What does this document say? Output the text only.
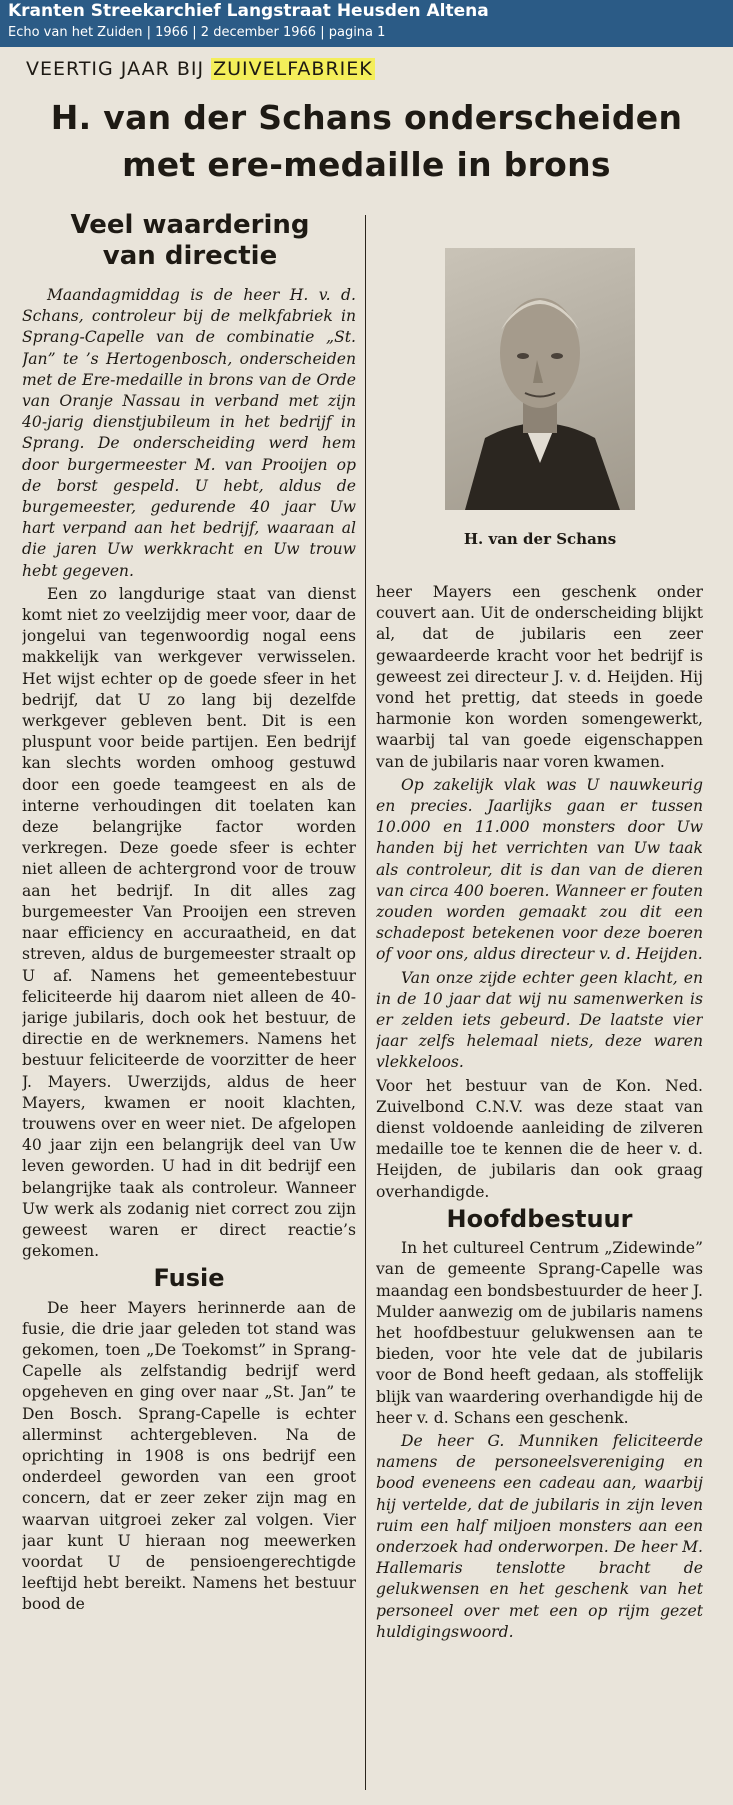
Kranten Streekarchief Langstraat Heusden Altena
Echo van het Zuiden | 1966 | 2 december 1966 | pagina 1
VEERTIG JAAR BIJ ZUIVELFABRIEK
H. van der Schans onderscheiden
met ere-medaille in brons
Veel waardering
van directie

Maandagmiddag is de heer H. v. d. Schans, controleur bij de melkfabriek in Sprang-Capelle van de combinatie „St. Jan” te ’s Hertogenbosch, onderscheiden met de Ere-medaille in brons van de Orde van Oranje Nassau in verband met zijn 40-jarig dienstjubileum in het bedrijf in Sprang. De onderscheiding werd hem door burgermeester M. van Prooijen op de borst gespeld. U hebt, aldus de burgemeester, gedurende 40 jaar Uw hart verpand aan het bedrijf, waaraan al die jaren Uw werkkracht en Uw trouw hebt gegeven.

Een zo langdurige staat van dienst komt niet zo veelzijdig meer voor, daar de jongelui van tegenwoordig nogal eens makkelijk van werkgever verwisselen. Het wijst echter op de goede sfeer in het bedrijf, dat U zo lang bij dezelfde werkgever gebleven bent. Dit is een pluspunt voor beide partijen. Een bedrijf kan slechts worden omhoog gestuwd door een goede teamgeest en als de interne verhoudingen dit toelaten kan deze belangrijke factor worden verkregen. Deze goede sfeer is echter niet alleen de achtergrond voor de trouw aan het bedrijf. In dit alles zag burgemeester Van Prooijen een streven naar efficiency en accuraatheid, en dat streven, aldus de burgemeester straalt op U af. Namens het gemeentebestuur feliciteerde hij daarom niet alleen de 40-jarige jubilaris, doch ook het bestuur, de directie en de werknemers. Namens het bestuur feliciteerde de voorzitter de heer J. Mayers. Uwerzijds, aldus de heer Mayers, kwamen er nooit klachten, trouwens over en weer niet. De afgelopen 40 jaar zijn een belangrijk deel van Uw leven geworden. U had in dit bedrijf een belangrijke taak als controleur. Wanneer Uw werk als zodanig niet correct zou zijn geweest waren er direct reactie’s gekomen.

Fusie

De heer Mayers herinnerde aan de fusie, die drie jaar geleden tot stand was gekomen, toen „De Toekomst” in Sprang-Capelle als zelfstandig bedrijf werd opgeheven en ging over naar „St. Jan” te Den Bosch. Sprang-Capelle is echter allerminst achtergebleven. Na de oprichting in 1908 is ons bedrijf een onderdeel geworden van een groot concern, dat er zeer zeker zijn mag en waarvan uitgroei zeker zal volgen. Vier jaar kunt U hieraan nog meewerken voordat U de pensioengerechtigde leeftijd hebt bereikt. Namens het bestuur bood de

H. van der Schans

heer Mayers een geschenk onder couvert aan. Uit de onderscheiding blijkt al, dat de jubilaris een zeer gewaardeerde kracht voor het bedrijf is geweest zei directeur J. v. d. Heijden. Hij vond het prettig, dat steeds in goede harmonie kon worden somengewerkt, waarbij tal van goede eigenschappen van de jubilaris naar voren kwamen.

Op zakelijk vlak was U nauwkeurig en precies. Jaarlijks gaan er tussen 10.000 en 11.000 monsters door Uw handen bij het verrichten van Uw taak als controleur, dit is dan van de dieren van circa 400 boeren. Wanneer er fouten zouden worden gemaakt zou dit een schadepost betekenen voor deze boeren of voor ons, aldus directeur v. d. Heijden.

Van onze zijde echter geen klacht, en in de 10 jaar dat wij nu samenwerken is er zelden iets gebeurd. De laatste vier jaar zelfs helemaal niets, deze waren vlekkeloos.

Voor het bestuur van de Kon. Ned. Zuivelbond C.N.V. was deze staat van dienst voldoende aanleiding de zilveren medaille toe te kennen die de heer v. d. Heijden, de jubilaris dan ook graag overhandigde.

Hoofdbestuur

In het cultureel Centrum „Zidewinde” van de gemeente Sprang-Capelle was maandag een bondsbestuurder de heer J. Mulder aanwezig om de jubilaris namens het hoofdbestuur gelukwensen aan te bieden, voor hte vele dat de jubilaris voor de Bond heeft gedaan, als stoffelijk blijk van waardering overhandigde hij de heer v. d. Schans een geschenk.

De heer G. Munniken feliciteerde namens de personeelsvereniging en bood eveneens een cadeau aan, waarbij hij vertelde, dat de jubilaris in zijn leven ruim een half miljoen monsters aan een onderzoek had onderworpen. De heer M. Hallemaris tenslotte bracht de gelukwensen en het geschenk van het personeel over met een op rijm gezet huldigingswoord.
